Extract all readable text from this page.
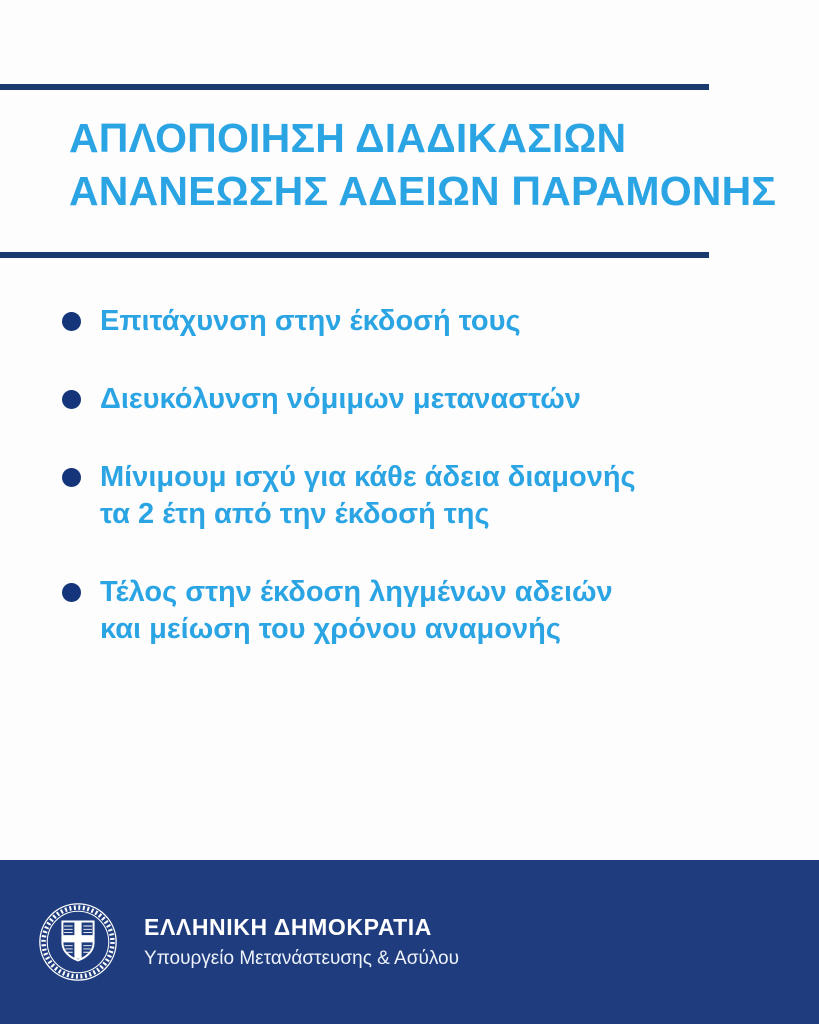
ΑΠΛΟΠΟΙΗΣΗ ΔΙΑΔΙΚΑΣΙΩΝ
ΑΝΑΝΕΩΣΗΣ ΑΔΕΙΩΝ ΠΑΡΑΜΟΝΗΣ
Επιτάχυνση στην έκδοσή τους
Διευκόλυνση νόμιμων μεταναστών
Μίνιμουμ ισχύ για κάθε άδεια διαμονής
τα 2 έτη από την έκδοσή της
Τέλος στην έκδοση ληγμένων αδειών
και μείωση του χρόνου αναμονής

ΕΛΛΗΝΙΚΗ ΔΗΜΟΚΡΑΤΙΑ

Υπουργείο Μετανάστευσης & Ασύλου
